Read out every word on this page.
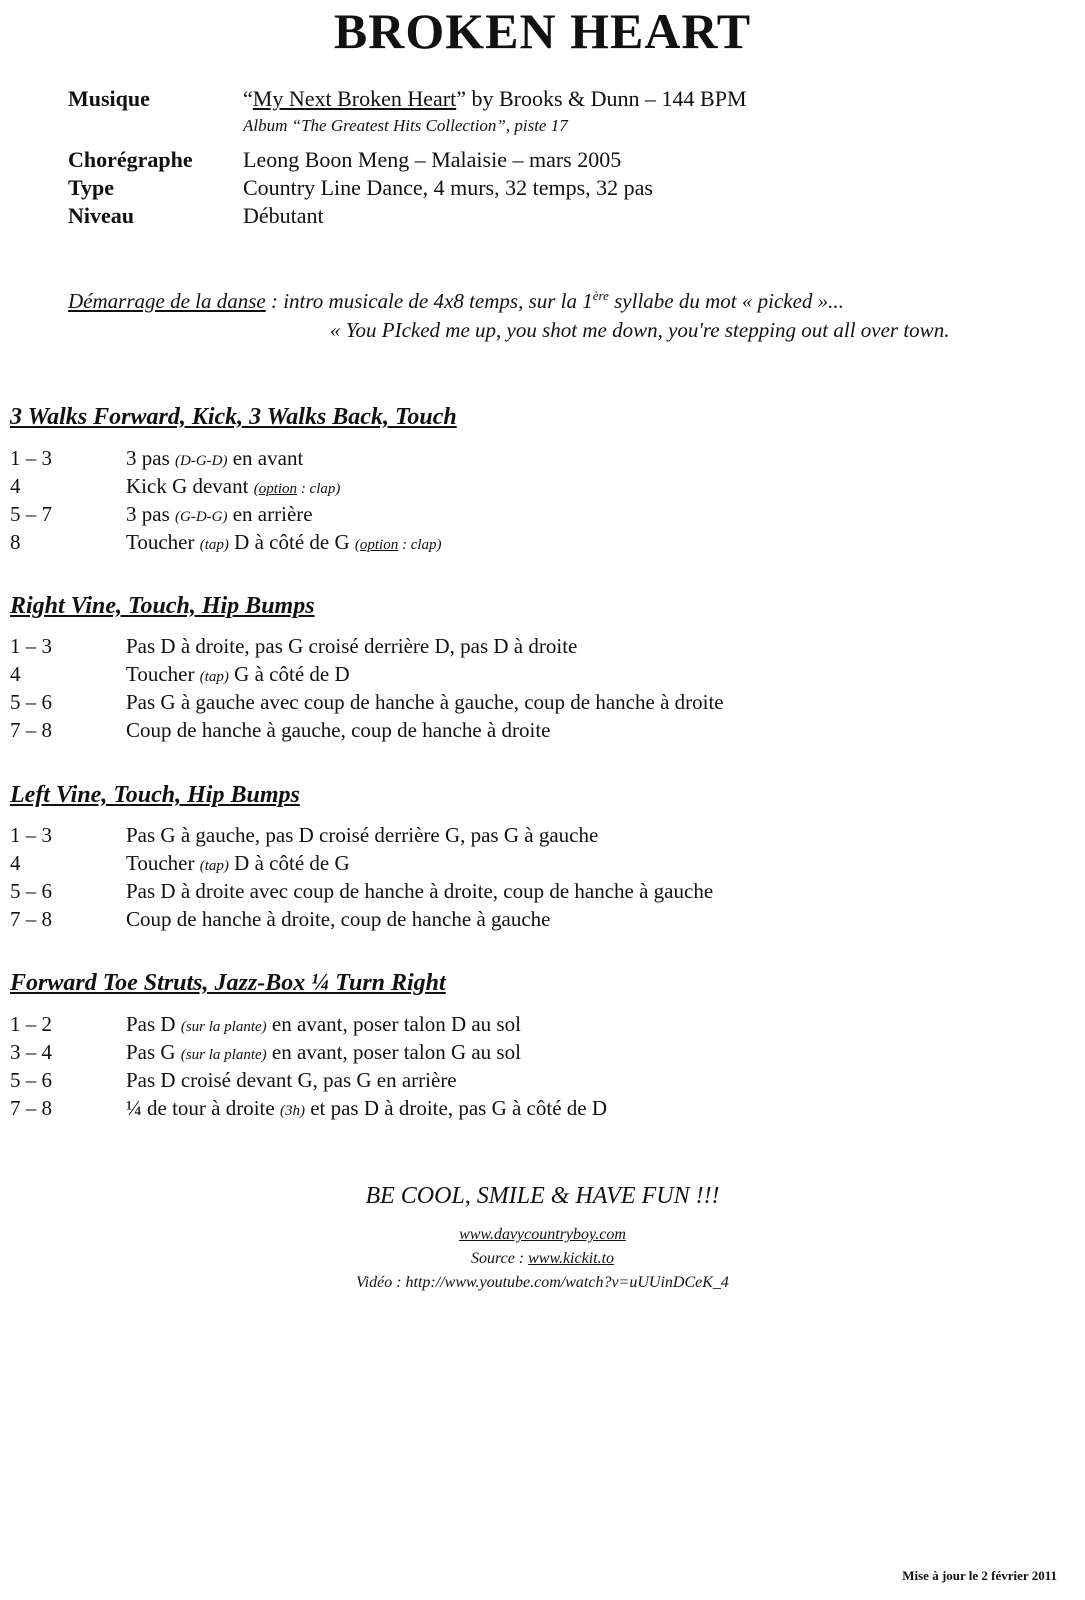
BROKEN HEART
Musique	“My Next Broken Heart” by Brooks & Dunn – 144 BPM
Album “The Greatest Hits Collection”, piste 17
Chorégraphe Leong Boon Meng – Malaisie – mars 2005
Type	Country Line Dance, 4 murs, 32 temps, 32 pas
Niveau	Débutant
Démarrage de la danse : intro musicale de 4x8 temps, sur la 1ère syllabe du mot « picked »...
« You PIcked me up, you shot me down, you're stepping out all over town.
3 Walks Forward, Kick, 3 Walks Back, Touch
1 – 3	3 pas (D-G-D) en avant
4	Kick G devant (option : clap)
5 – 7	3 pas (G-D-G) en arrière
8	Toucher (tap) D à côté de G (option : clap)
Right Vine, Touch, Hip Bumps
1 – 3	Pas D à droite, pas G croisé derrière D, pas D à droite
4	Toucher (tap) G à côté de D
5 – 6	Pas G à gauche avec coup de hanche à gauche, coup de hanche à droite
7 – 8	Coup de hanche à gauche, coup de hanche à droite
Left Vine, Touch, Hip Bumps
1 – 3	Pas G à gauche, pas D croisé derrière G, pas G à gauche
4	Toucher (tap) D à côté de G
5 – 6	Pas D à droite avec coup de hanche à droite, coup de hanche à gauche
7 – 8	Coup de hanche à droite, coup de hanche à gauche
Forward Toe Struts, Jazz-Box ¼ Turn Right
1 – 2	Pas D (sur la plante) en avant, poser talon D au sol
3 – 4	Pas G (sur la plante) en avant, poser talon G au sol
5 – 6	Pas D croisé devant G, pas G en arrière
7 – 8	¼ de tour à droite (3h) et pas D à droite, pas G à côté de D
BE COOL, SMILE & HAVE FUN !!!
www.davycountryboy.com
Source : www.kickit.to
Vidéo : http://www.youtube.com/watch?v=uUUinDCeK_4
Mise à jour le 2 février 2011
